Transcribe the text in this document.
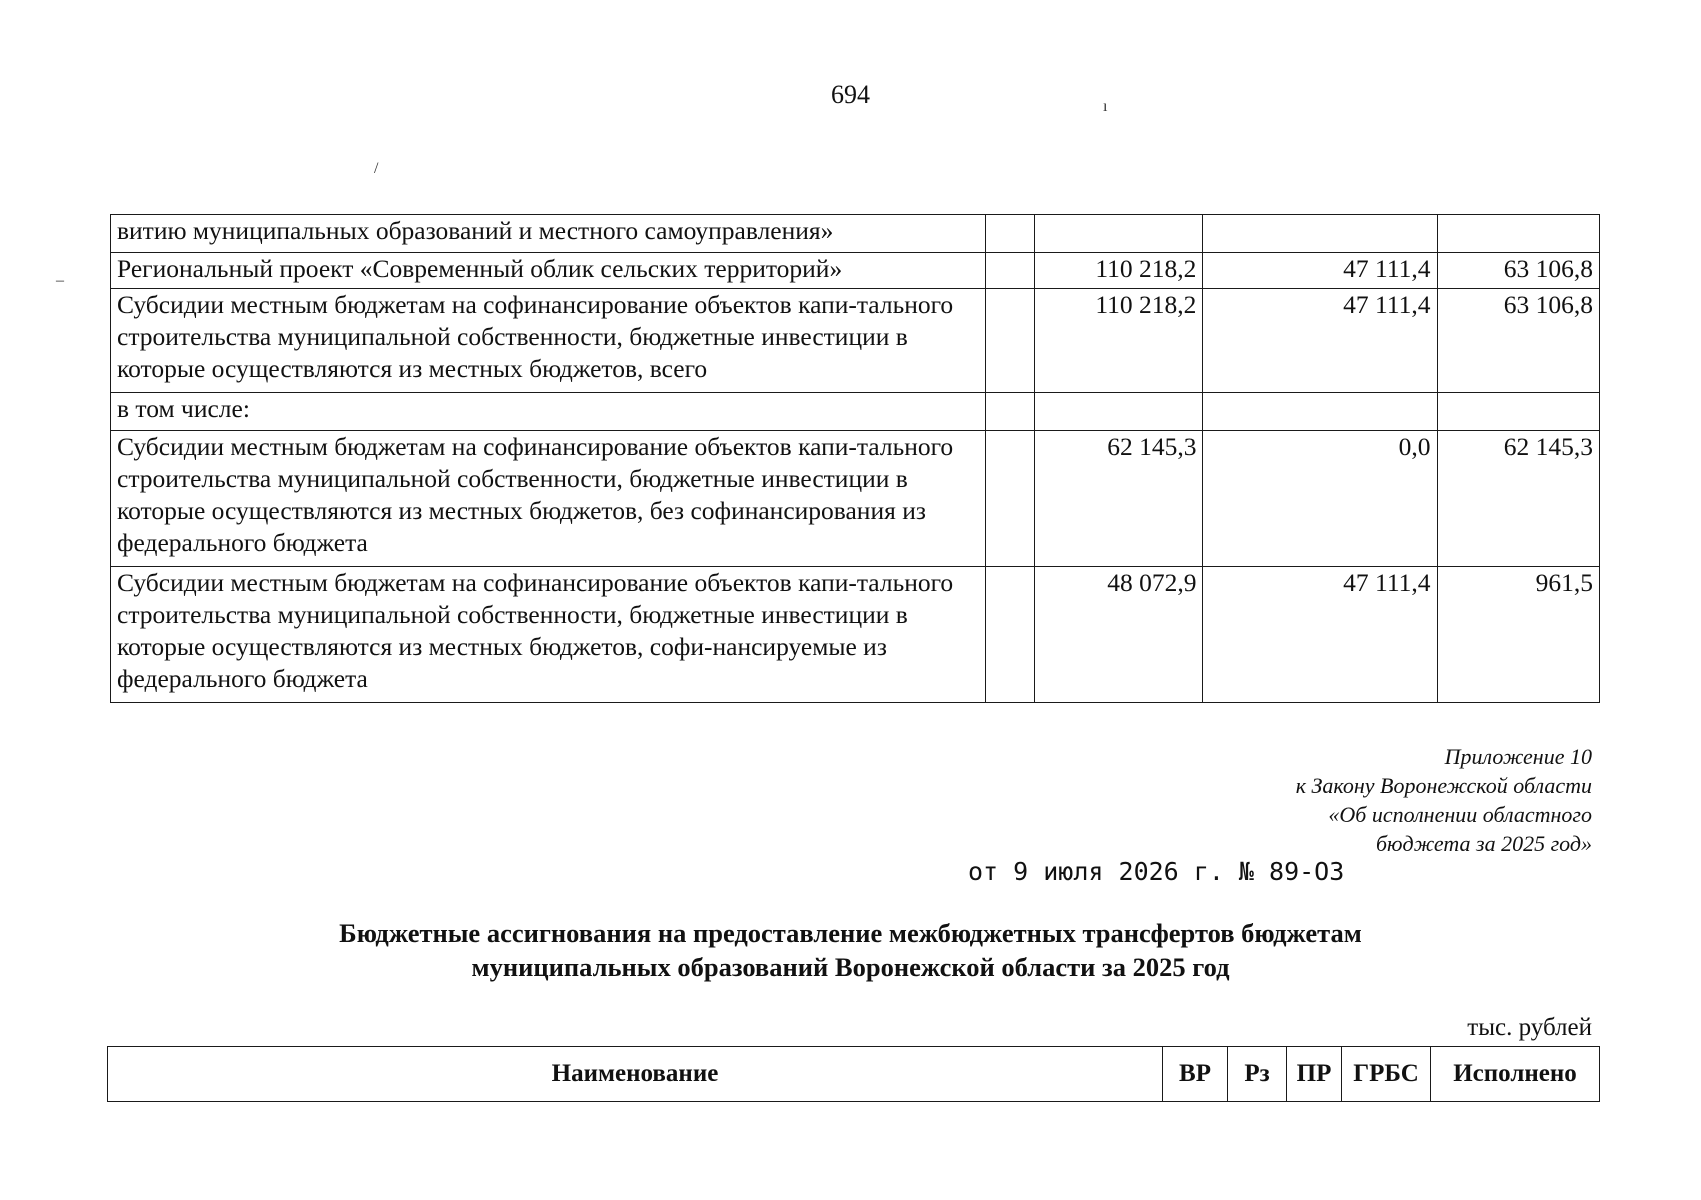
694
/
ı
–
витию муниципальных образований и местного самоуправления»				
Региональный проект «Современный облик сельских территорий»		110 218,2	47 111,4	63 106,8
Субсидии местным бюджетам на софинансирование объектов капи-тального строительства муниципальной собственности, бюджетные инвестиции в которые осуществляются из местных бюджетов, всего		110 218,2	47 111,4	63 106,8
в том числе:				
Субсидии местным бюджетам на софинансирование объектов капи-тального строительства муниципальной собственности, бюджетные инвестиции в которые осуществляются из местных бюджетов, без софинансирования из федерального бюджета		62 145,3	0,0	62 145,3
Субсидии местным бюджетам на софинансирование объектов капи-тального строительства муниципальной собственности, бюджетные инвестиции в которые осуществляются из местных бюджетов, софи-нансируемые из федерального бюджета		48 072,9	47 111,4	961,5
Приложение 10
к Закону Воронежской области
«Об исполнении областного
бюджета за 2025 год»
от 9 июля 2026 г. № 89-ОЗ
Бюджетные ассигнования на предоставление межбюджетных трансфертов бюджетам
муниципальных образований Воронежской области за 2025 год
тыс. рублей
Наименование	ВР	Рз	ПР	ГРБС	Исполнено
